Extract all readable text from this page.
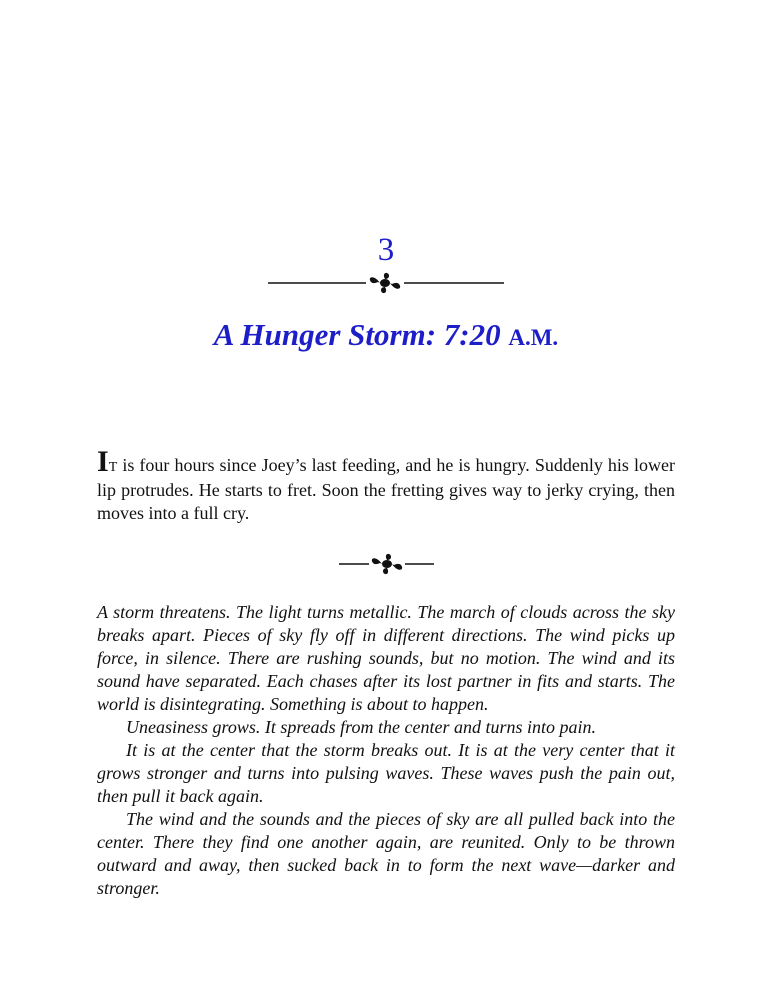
3
A Hunger Storm: 7:20 A.M.

IT is four hours since Joey’s last feeding, and he is hungry. Suddenly his lower lip protrudes. He starts to fret. Soon the fretting gives way to jerky crying, then moves into a full cry.

A storm threatens. The light turns metallic. The march of clouds across the sky breaks apart. Pieces of sky fly off in different directions. The wind picks up force, in silence. There are rushing sounds, but no motion. The wind and its sound have separated. Each chases after its lost partner in fits and starts. The world is disintegrating. Something is about to happen.

Uneasiness grows. It spreads from the center and turns into pain.

It is at the center that the storm breaks out. It is at the very center that it grows stronger and turns into pulsing waves. These waves push the pain out, then pull it back again.

The wind and the sounds and the pieces of sky are all pulled back into the center. There they find one another again, are reunited. Only to be thrown outward and away, then sucked back in to form the next wave—darker and stronger.
